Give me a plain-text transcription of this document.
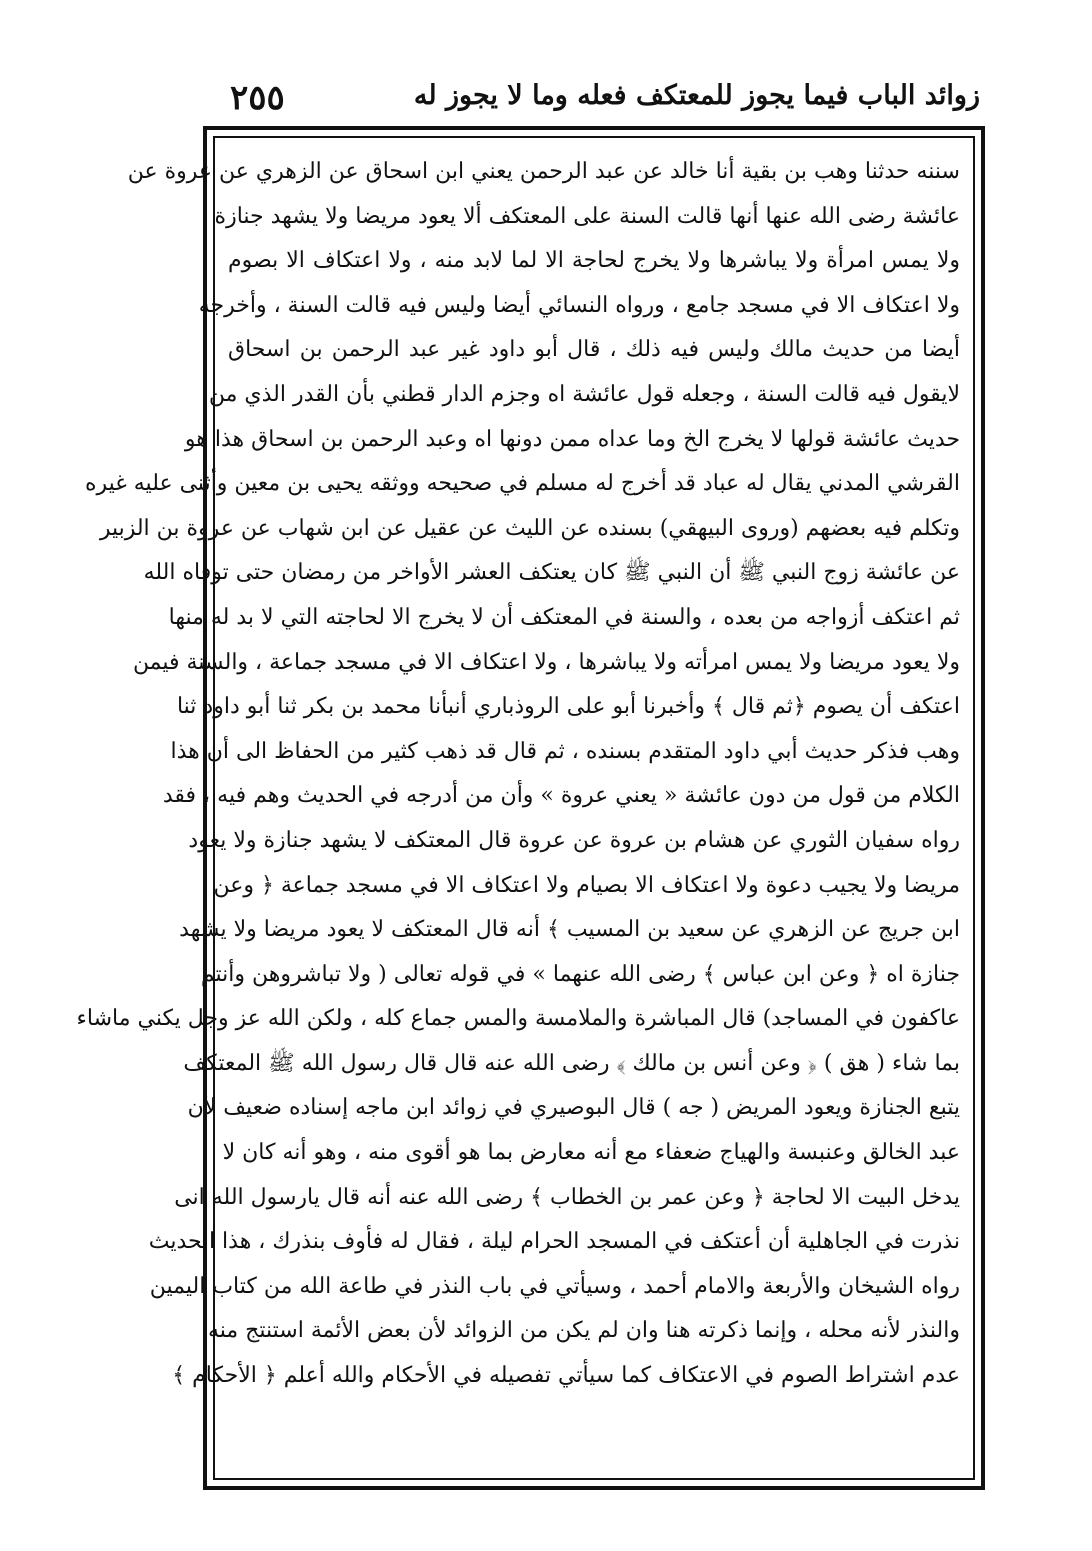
٢٥٥	زوائد الباب فيما يجوز للمعتكف فعله وما لا يجوز له
سننه حدثنا وهب بن بقية أنا خالد عن عبد الرحمن يعني ابن اسحاق عن الزهري عن عروة عن
عائشة رضى الله عنها أنها قالت السنة على المعتكف ألا يعود مريضا ولا يشهد جنازة
ولا يمس امرأة ولا يباشرها ولا يخرج لحاجة الا لما لابد منه ، ولا اعتكاف الا بصوم
ولا اعتكاف الا في مسجد جامع ، ورواه النسائي أيضا وليس فيه قالت السنة ، وأخرجه
أيضا من حديث مالك وليس فيه ذلك ، قال أبو داود غير عبد الرحمن بن اسحاق
لايقول فيه قالت السنة ، وجعله قول عائشة اه وجزم الدار قطني بأن القدر الذي من
حديث عائشة قولها لا يخرج الخ وما عداه ممن دونها اه وعبد الرحمن بن اسحاق هذا هو
القرشي المدني يقال له عباد قد أخرج له مسلم في صحيحه ووثقه يحيى بن معين وأثنى عليه غيره
وتكلم فيه بعضهم (وروى البيهقي) بسنده عن الليث عن عقيل عن ابن شهاب عن عروة بن الزبير
عن عائشة زوج النبي ﷺ أن النبي ﷺ كان يعتكف العشر الأواخر من رمضان حتى توفاه الله
ثم اعتكف أزواجه من بعده ، والسنة في المعتكف أن لا يخرج الا لحاجته التي لا بد له منها
ولا يعود مريضا ولا يمس امرأته ولا يباشرها ، ولا اعتكاف الا في مسجد جماعة ، والسنة فيمن
اعتكف أن يصوم ﴿ثم قال ﴾ وأخبرنا أبو على الروذباري أنبأنا محمد بن بكر ثنا أبو داود ثنا
وهب فذكر حديث أبي داود المتقدم بسنده ، ثم قال قد ذهب كثير من الحفاظ الى أن هذا
الكلام من قول من دون عائشة « يعني عروة » وأن من أدرجه في الحديث وهم فيه ، فقد
رواه سفيان الثوري عن هشام بن عروة عن عروة قال المعتكف لا يشهد جنازة ولا يعود
مريضا ولا يجيب دعوة ولا اعتكاف الا بصيام ولا اعتكاف الا في مسجد جماعة ﴿ وعن
ابن جريج عن الزهري عن سعيد بن المسيب ﴾ أنه قال المعتكف لا يعود مريضا ولا يشهد
جنازة اه ﴿ وعن ابن عباس ﴾ رضى الله عنهما » في قوله تعالى ( ولا تباشروهن وأنتم
عاكفون في المساجد) قال المباشرة والملامسة والمس جماع كله ، ولكن الله عز وجل يكني ماشاء
بما شاء ( هق ) ﴿ وعن أنس بن مالك ﴾ رضى الله عنه قال قال رسول الله ﷺ المعتكف
يتبع الجنازة ويعود المريض ( جه ) قال البوصيري في زوائد ابن ماجه إسناده ضعيف لأن
عبد الخالق وعنبسة والهياج ضعفاء مع أنه معارض بما هو أقوى منه ، وهو أنه كان لا
يدخل البيت الا لحاجة ﴿ وعن عمر بن الخطاب ﴾ رضى الله عنه أنه قال يارسول الله انى
نذرت في الجاهلية أن أعتكف في المسجد الحرام ليلة ، فقال له فأوف بنذرك ، هذا الحديث
رواه الشيخان والأربعة والامام أحمد ، وسيأتي في باب النذر في طاعة الله من كتاب اليمين
والنذر لأنه محله ، وإنما ذكرته هنا وان لم يكن من الزوائد لأن بعض الأئمة استنتج منه
عدم اشتراط الصوم في الاعتكاف كما سيأتي تفصيله في الأحكام والله أعلم ﴿ الأحكام ﴾
